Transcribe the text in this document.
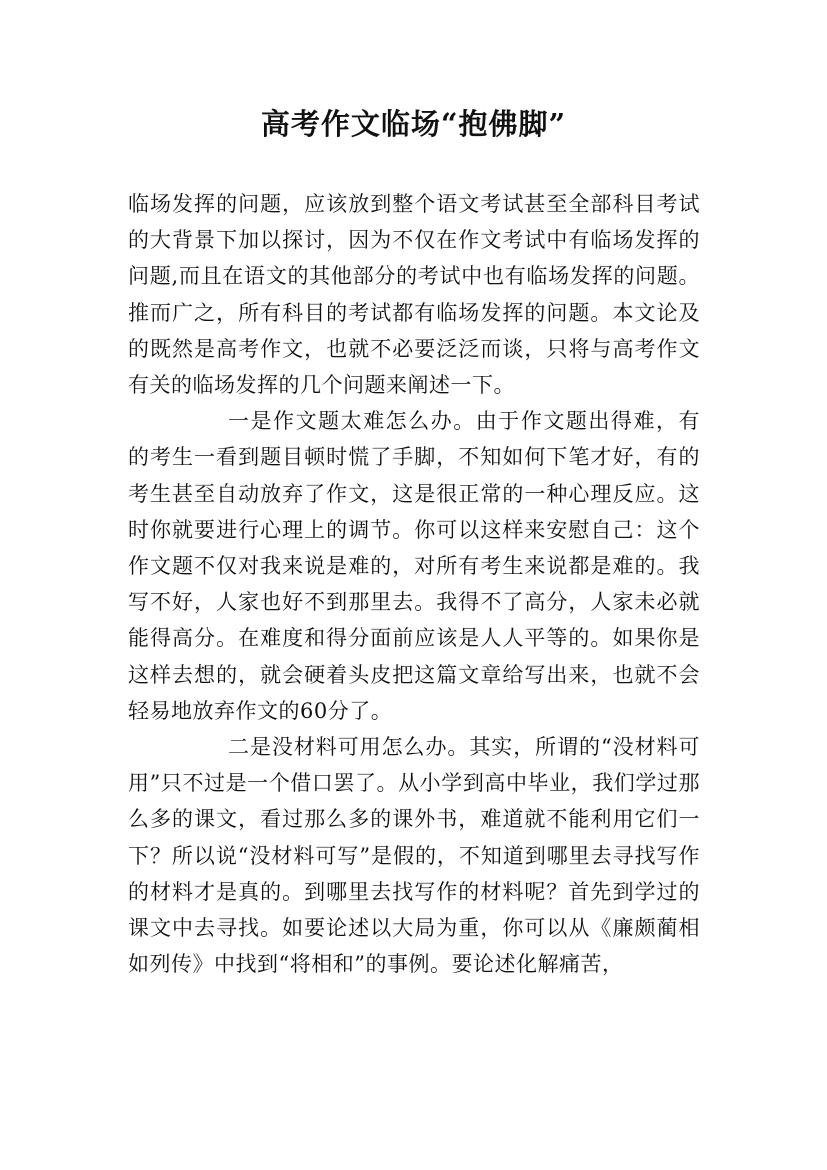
高考作文临场“抱佛脚”

临场发挥的问题，应该放到整个语文考试甚至全部科目考试的大背景下加以探讨，因为不仅在作文考试中有临场发挥的问题,而且在语文的其他部分的考试中也有临场发挥的问题。推而广之，所有科目的考试都有临场发挥的问题。本文论及的既然是高考作文，也就不必要泛泛而谈，只将与高考作文有关的临场发挥的几个问题来阐述一下。

一是作文题太难怎么办。由于作文题出得难，有的考生一看到题目顿时慌了手脚，不知如何下笔才好，有的考生甚至自动放弃了作文，这是很正常的一种心理反应。这时你就要进行心理上的调节。你可以这样来安慰自己：这个作文题不仅对我来说是难的，对所有考生来说都是难的。我写不好，人家也好不到那里去。我得不了高分，人家未必就能得高分。在难度和得分面前应该是人人平等的。如果你是这样去想的，就会硬着头皮把这篇文章给写出来，也就不会轻易地放弃作文的60分了。

二是没材料可用怎么办。其实，所谓的“没材料可用”只不过是一个借口罢了。从小学到高中毕业，我们学过那么多的课文，看过那么多的课外书，难道就不能利用它们一下？所以说“没材料可写”是假的，不知道到哪里去寻找写作的材料才是真的。到哪里去找写作的材料呢？首先到学过的课文中去寻找。如要论述以大局为重，你可以从《廉颇蔺相如列传》中找到“将相和”的事例。要论述化解痛苦，
